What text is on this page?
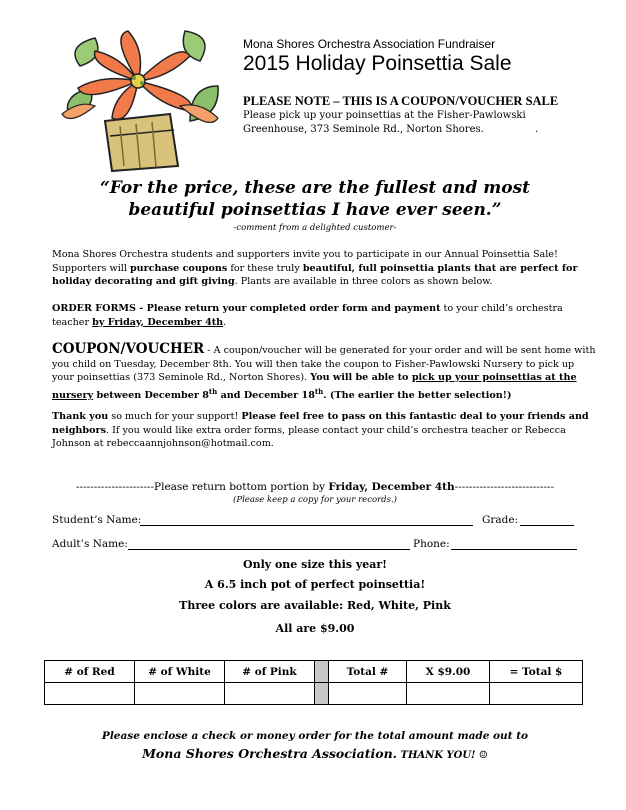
Mona Shores Orchestra Association Fundraiser
2015 Holiday Poinsettia Sale
PLEASE NOTE – THIS IS A COUPON/VOUCHER SALE
Please pick up your poinsettias at the Fisher-Pawlowski
Greenhouse, 373 Seminole Rd., Norton Shores.	.
“For the price, these are the fullest and most
beautiful poinsettias I have ever seen.”
-comment from a delighted customer-
Mona Shores Orchestra students and supporters invite you to participate in our Annual Poinsettia Sale!
Supporters will purchase coupons for these truly beautiful, full poinsettia plants that are perfect for
holiday decorating and gift giving. Plants are available in three colors as shown below.
ORDER FORMS - Please return your completed order form and payment to your child’s orchestra
teacher by Friday, December 4th.
COUPON/VOUCHER - A coupon/voucher will be generated for your order and will be sent home with
you child on Tuesday, December 8th. You will then take the coupon to Fisher-Pawlowski Nursery to pick up
your poinsettias (373 Seminole Rd., Norton Shores). You will be able to pick up your poinsettias at the
nursery between December 8th and December 18th. (The earlier the better selection!)
Thank you so much for your support! Please feel free to pass on this fantastic deal to your friends and
neighbors. If you would like extra order forms, please contact your child’s orchestra teacher or Rebecca
Johnson at rebeccaannjohnson@hotmail.com.
----------------------Please return bottom portion by Friday, December 4th----------------------------
(Please keep a copy for your records.)
Student’s Name:	Grade:
Adult’s Name:	Phone:
Only one size this year!
A 6.5 inch pot of perfect poinsettia!
Three colors are available: Red, White, Pink
All are $9.00
# of Red	# of White	# of Pink		Total #	X $9.00	= Total $

Please enclose a check or money order for the total amount made out to
Mona Shores Orchestra Association. THANK YOU! ☺
